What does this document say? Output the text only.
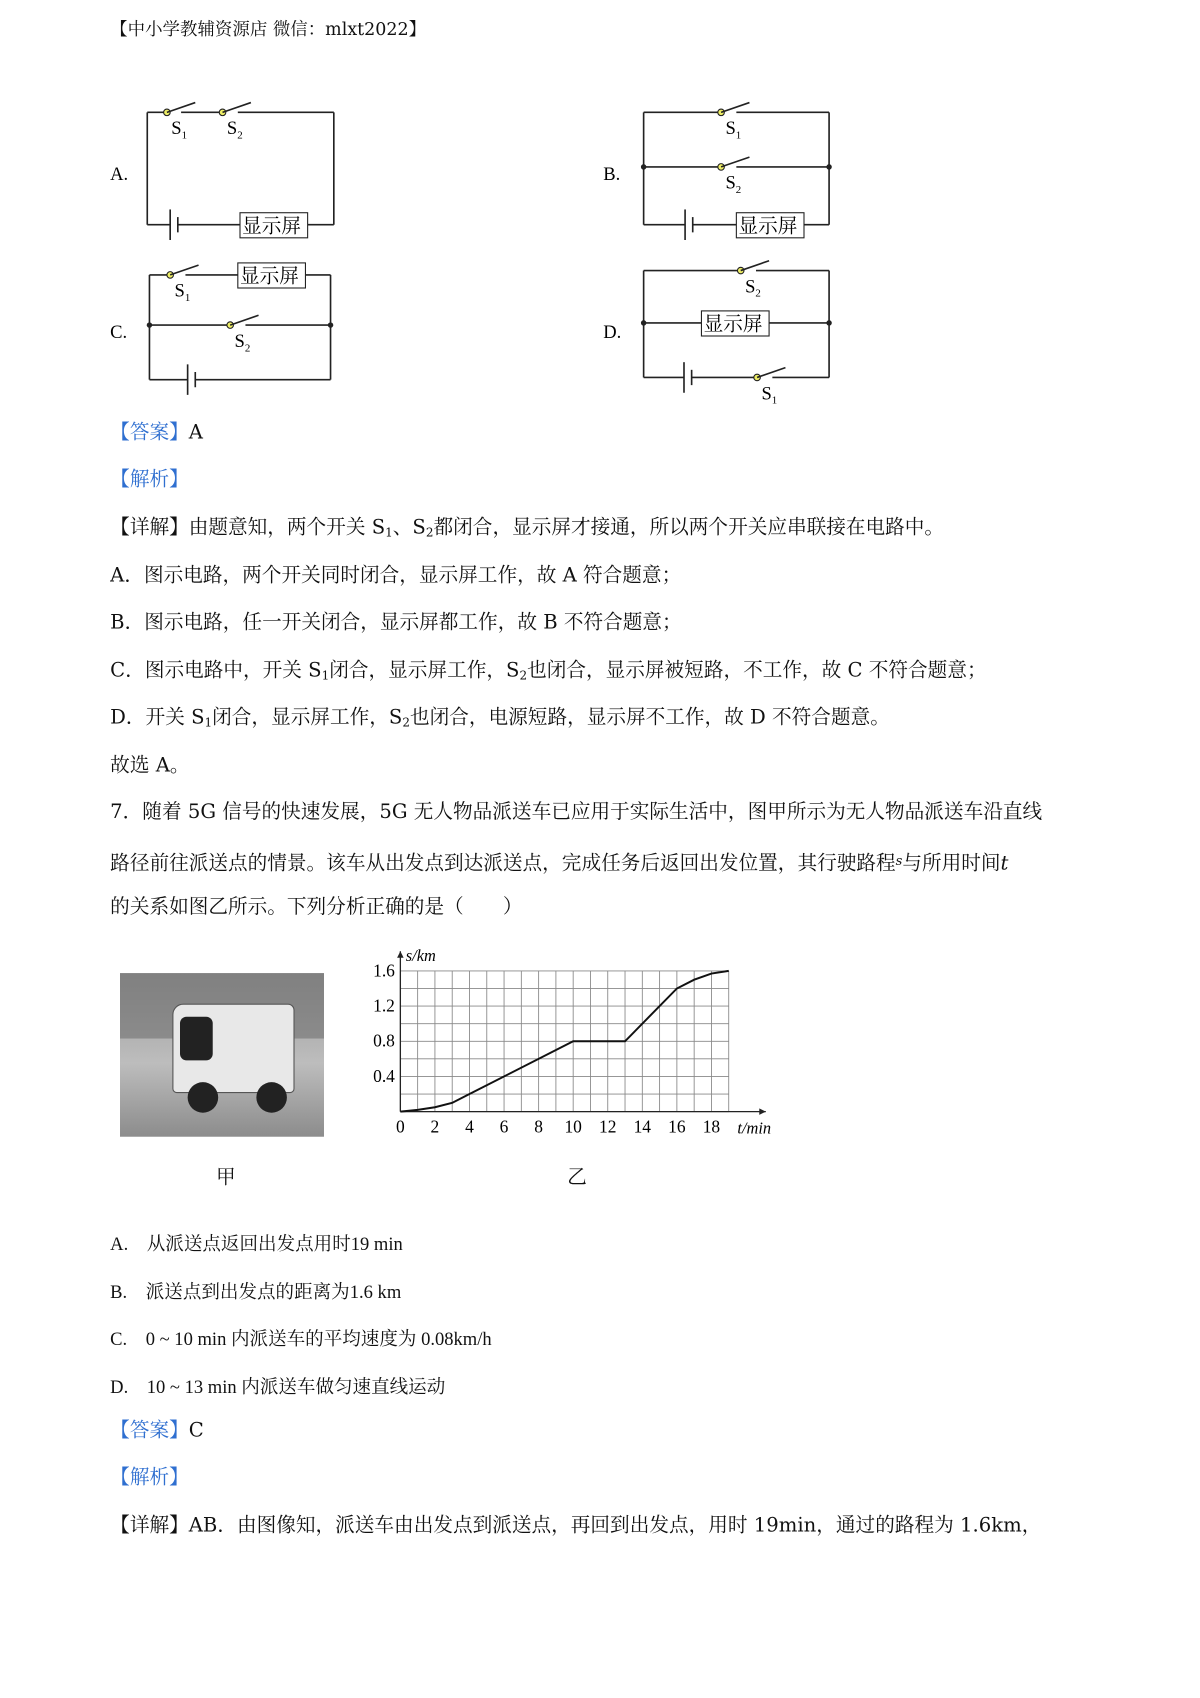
【中小学教辅资源店 微信：mlxt2022】
A.
$S_1$ $S_2$
显示屏
B.
$S_1$
$S_2$
显示屏
C.
$S_1$
显示屏
$S_2$
D.
$S_2$
显示屏
$S_1$
【答案】A
【解析】
【详解】由题意知，两个开关 $S_1$、$S_2$都闭合，显示屏才接通，所以两个开关应串联接在电路中。
A．图示电路，两个开关同时闭合，显示屏工作，故 A 符合题意；
B．图示电路，任一开关闭合，显示屏都工作，故 B 不符合题意；
C．图示电路中，开关 $S_1$闭合，显示屏工作，$S_2$也闭合，显示屏被短路，不工作，故 C 不符合题意；
D．开关 $S_1$闭合，显示屏工作，$S_2$也闭合，电源短路，显示屏不工作，故 D 不符合题意。
故选 A。
7．随着 5G 信号的快速发展，5G 无人物品派送车已应用于实际生活中，图甲所示为无人物品派送车沿直线
路径前往派送点的情景。该车从出发点到达派送点，完成任务后返回出发位置，其行驶路程$^s$与所用时间t
的关系如图乙所示。下列分析正确的是（　　）
甲	乙
0 2 4 6 8 10 12 14 16 18
0.4
0.8
1.2
1.6
s/km
t/min
A.　从派送点返回出发点用时19 min
B.　派送点到出发点的距离为1.6 km
C.　0 ~ 10 min 内派送车的平均速度为 0.08km/h
D.　10 ~ 13 min 内派送车做匀速直线运动
【答案】C
【解析】
【详解】AB．由图像知，派送车由出发点到派送点，再回到出发点，用时 19min，通过的路程为 1.6km，
